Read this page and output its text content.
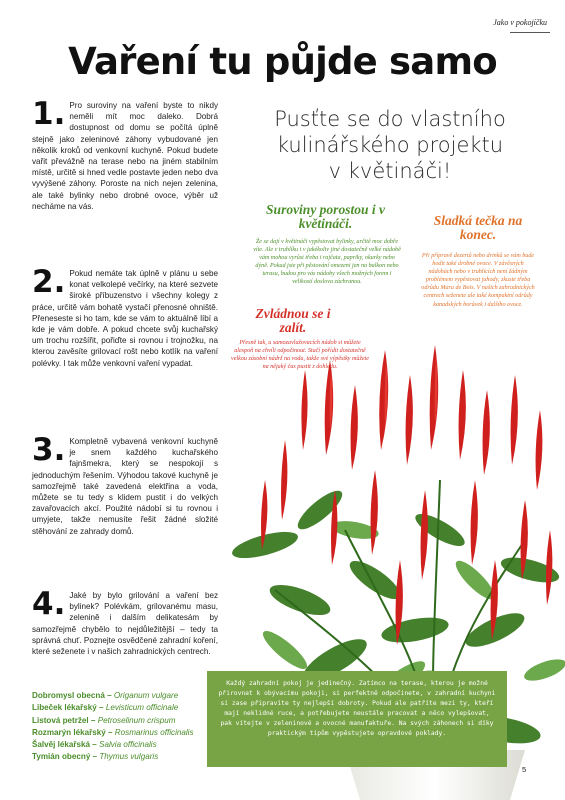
Jako v pokojíčku
Vaření tu půjde samo
1. Pro suroviny na vaření byste to nikdy neměli mít moc daleko. Dobrá dostupnost od domu se počítá úplně stejně jako zeleninové záhony vybudované jen několik kroků od venkovní kuchyně. Pokud budete vařit převážně na terase nebo na jiném stabilním místě, určitě si hned vedle postavte jeden nebo dva vyvýšené záhony. Poroste na nich nejen zelenina, ale také bylinky nebo drobné ovoce, výběr už necháme na vás.
2. Pokud nemáte tak úplně v plánu u sebe konat velkolepé večírky, na které sezvete široké příbuzenstvo i všechny kolegy z práce, určitě vám bohatě vystačí přenosné ohniště. Přeneseste si ho tam, kde se vám to aktuálně líbí a kde je vám dobře. A pokud chcete svůj kuchařský um trochu rozšířit, pořiďte si rovnou i trojnožku, na kterou zavěsíte grilovací rošt nebo kotlík na vaření polévky. I tak může venkovní vaření vypadat.
3. Kompletně vybavená venkovní kuchyně je snem každého kuchařského fajnšmekra, který se nespokojí s jednoduchým řešením. Výhodou takové kuchyně je samozřejmě také zavedená elektřina a voda, můžete se tu tedy s klidem pustit i do velkých zavařovacích akcí. Použité nádobí si tu rovnou i umyjete, takže nemusíte řešit žádné složité stěhování ze zahrady domů.
4. Jaké by bylo grilování a vaření bez bylinek? Polévkám, grilovanému masu, zelenině i dalším delikatesám by samozřejmě chybělo to nejdůležitější – tedy ta správná chuť. Poznejte osvědčené zahradní koření, které seženete i v našich zahradnických centrech.
Dobromysl obecná – Origanum vulgare
Libeček lékařský – Levisticum officinale
Listová petržel – Petroselinum crispum
Rozmarýn lékařský – Rosmarinus officinalis
Šalvěj lékařská – Salvia officinalis
Tymián obecný – Thymus vulgaris
Pusťte se do vlastního
kulinářského projektu
v květináči!
Suroviny porostou i v květináči.
Že se dají v květináči vypěstovat bylinky, určitě moc dobře víte. Ale v truhlíku i v jakékoliv jiné dostatečně velké nádobě vám mohou vyrůst třeba i rajčata, papriky, okurky nebo dýně. Pokud jste při pěstování omezeni jen na balkon nebo terasu, budou pro vás nádoby všech možných forem i velikostí doslova záchranou.
Sladká tečka na konec.
Při přípravě dezertů nebo drinků se vám bude hodit také drobné ovoce. V závěsných nádobách nebo v truhlících není žádným problémem vypěstovat jahody, zkuste třeba odrůdu Mara de Bois. V našich zahradnických centrech seženete ale také kompaktní odrůdy kanadských borůvek i dalšího ovoce.
Zvládnou se i zalít.
Přesně tak, u samozavlažovacích nádob si můžete alespoň na chvíli odpočinout. Stačí pořídit dostatečně velkou zásobní nádrž na vodu, takže své výpěstky můžete na nějaký čas pustit z dohledu.

Každý zahradní pokoj je jedinečný. Zatímco na terase, kterou je možné přirovnat k obývacímu pokoji, si perfektně odpočinete, v zahradní kuchyni si zase připravíte ty nejlepší dobroty. Pokud ale patříte mezi ty, kteří mají neklidné ruce, a potřebujete neustále pracovat a něco vylepšovat, pak vítejte v zeleninové a ovocné manufaktuře. Na svých záhonech si díky praktickým tipům vypěstujete opravdové poklady.

5
